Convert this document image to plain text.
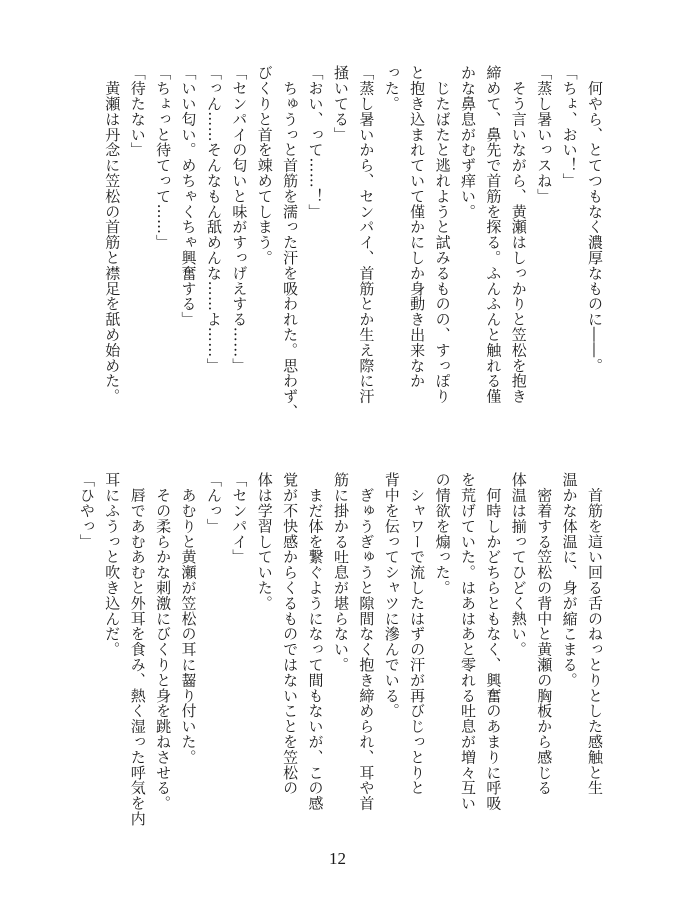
　何やら、とてつもなく濃厚なものに――。
「ちょ、おい！」
「蒸し暑いっスね」
　そう言いながら、黄瀬はしっかりと笠松を抱き
締めて、鼻先で首筋を探る。ふんふんと触れる僅
かな鼻息がむず痒い。
　じたばたと逃れようと試みるものの、すっぽり
と抱き込まれていて僅かにしか身動き出来なか
った。
「蒸し暑いから、センパイ、首筋とか生え際に汗
掻いてる」
「おい、って……！」
　ちゅうっと首筋を濡った汗を吸われた。思わず、
びくりと首を竦めてしまう。
「センパイの匂いと味がすっげえする……」
「っん……そんなもん舐めんな……よ……」
「いい匂い。めちゃくちゃ興奮する」
「ちょっと待てって……」
「待たない」
　黄瀬は丹念に笠松の首筋と襟足を舐め始めた。
　首筋を這い回る舌のねっとりとした感触と生
温かな体温に、身が縮こまる。
　密着する笠松の背中と黄瀬の胸板から感じる
体温は揃ってひどく熱い。
　何時しかどちらともなく、興奮のあまりに呼吸
を荒げていた。はあはあと零れる吐息が増々互い
の情欲を煽った。
　シャワーで流したはずの汗が再びじっとりと
背中を伝ってシャツに滲んでいる。
　ぎゅうぎゅうと隙間なく抱き締められ、耳や首
筋に掛かる吐息が堪らない。
　まだ体を繋ぐようになって間もないが、この感
覚が不快感からくるものではないことを笠松の
体は学習していた。
「センパイ」
「んっ」
　あむりと黄瀬が笠松の耳に齧り付いた。
　その柔らかな刺激にびくりと身を跳ねさせる。
　唇であむあむと外耳を食み、熱く湿った呼気を内
耳にふうっと吹き込んだ。
「ひやっ」
12
